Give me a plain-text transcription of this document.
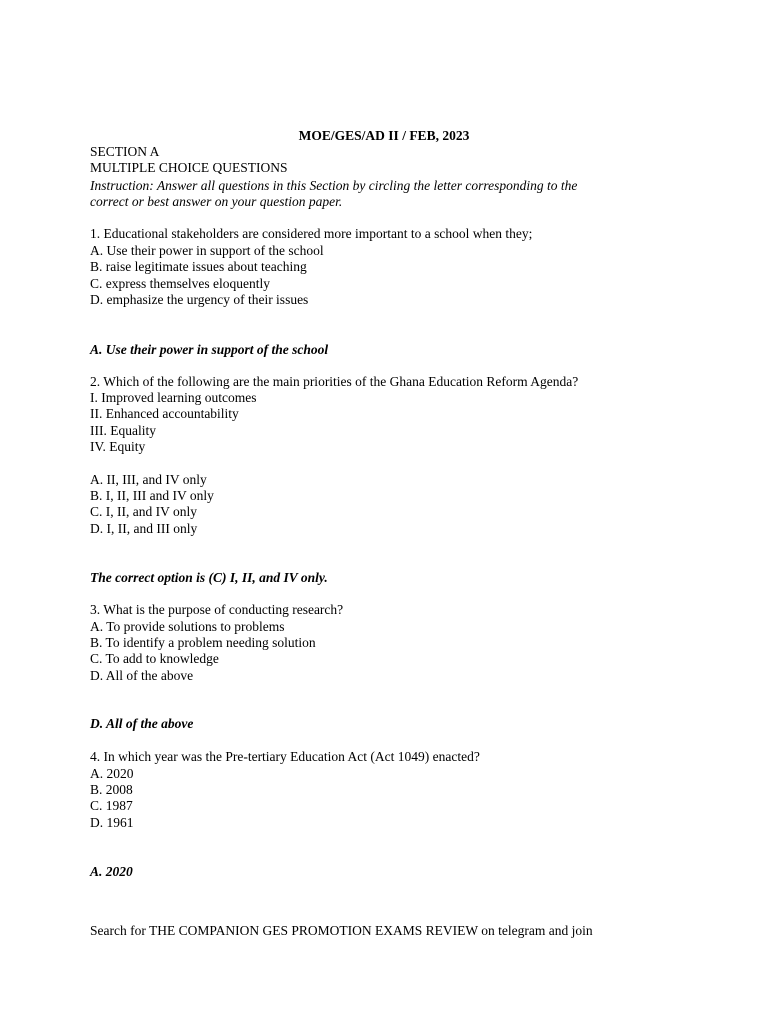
MOE/GES/AD II / FEB, 2023
SECTION A
MULTIPLE CHOICE QUESTIONS
Instruction: Answer all questions in this Section by circling the letter corresponding to the
correct or best answer on your question paper.
1. Educational stakeholders are considered more important to a school when they;
A. Use their power in support of the school
B. raise legitimate issues about teaching
C. express themselves eloquently
D. emphasize the urgency of their issues
A. Use their power in support of the school
2. Which of the following are the main priorities of the Ghana Education Reform Agenda?
I. Improved learning outcomes
II. Enhanced accountability
III. Equality
IV. Equity
A. II, III, and IV only
B. I, II, III and IV only
C. I, II, and IV only
D. I, II, and III only
The correct option is (C) I, II, and IV only.
3. What is the purpose of conducting research?
A. To provide solutions to problems
B. To identify a problem needing solution
C. To add to knowledge
D. All of the above
D. All of the above
4. In which year was the Pre-tertiary Education Act (Act 1049) enacted?
A. 2020
B. 2008
C. 1987
D. 1961
A. 2020
Search for THE COMPANION GES PROMOTION EXAMS REVIEW on telegram and join
